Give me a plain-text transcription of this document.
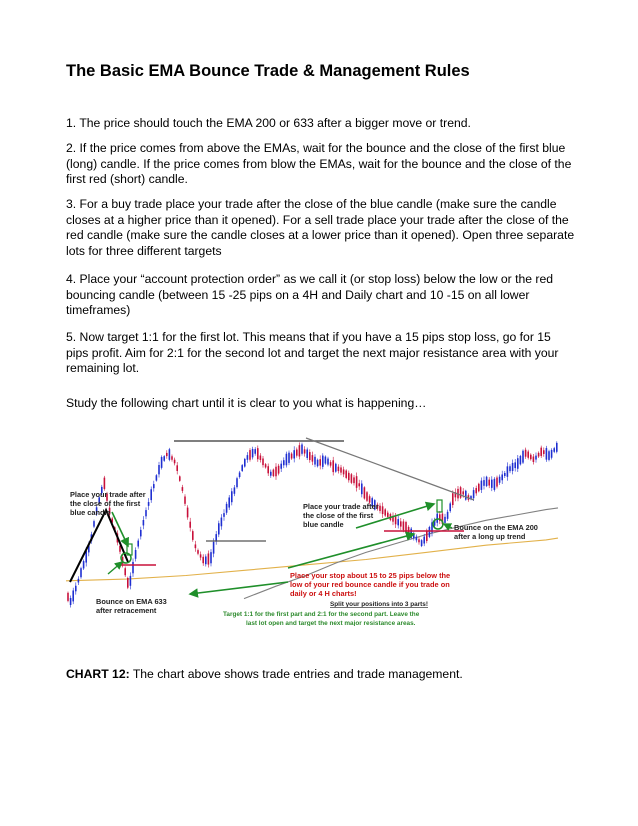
The Basic EMA Bounce Trade & Management Rules

1. The price should touch the EMA 200 or 633 after a bigger move or trend.

2. If the price comes from above the EMAs, wait for the bounce and the close of the first blue (long) candle. If the price comes from blow the EMAs, wait for the bounce and the close of the first red (short) candle.

3. For a buy trade place your trade after the close of the blue candle (make sure the candle closes at a higher price than it opened). For a sell trade place your trade after the close of the red candle (make sure the candle closes at a lower price than it opened). Open three separate lots for three different targets

4. Place your “account protection order” as we call it (or stop loss) below the low or the red bouncing candle (between 15 -25 pips on a 4H and Daily chart and 10 -15 on all lower timeframes)

5. Now target 1:1 for the first lot. This means that if you have a 15 pips stop loss, go for 15 pips profit. Aim for 2:1 for the second lot and target the next major resistance area with your remaining lot.

Study the following chart until it is clear to you what is happening…

Place your trade after
the close of the first
blue candle
Place your trade after
the close of the first
blue candle	Bounce on the EMA 200
after a long up trend
Bounce on EMA 633
after retracement
Place your stop about 15 to 25 pips below the
low of your red bounce candle if you trade on
daily or 4 H charts!
Split your positions into 3 parts!
Target 1:1 for the first part and 2:1 for the second part. Leave the
last lot open and target the next major resistance areas.

CHART 12: The chart above shows trade entries and trade management.
